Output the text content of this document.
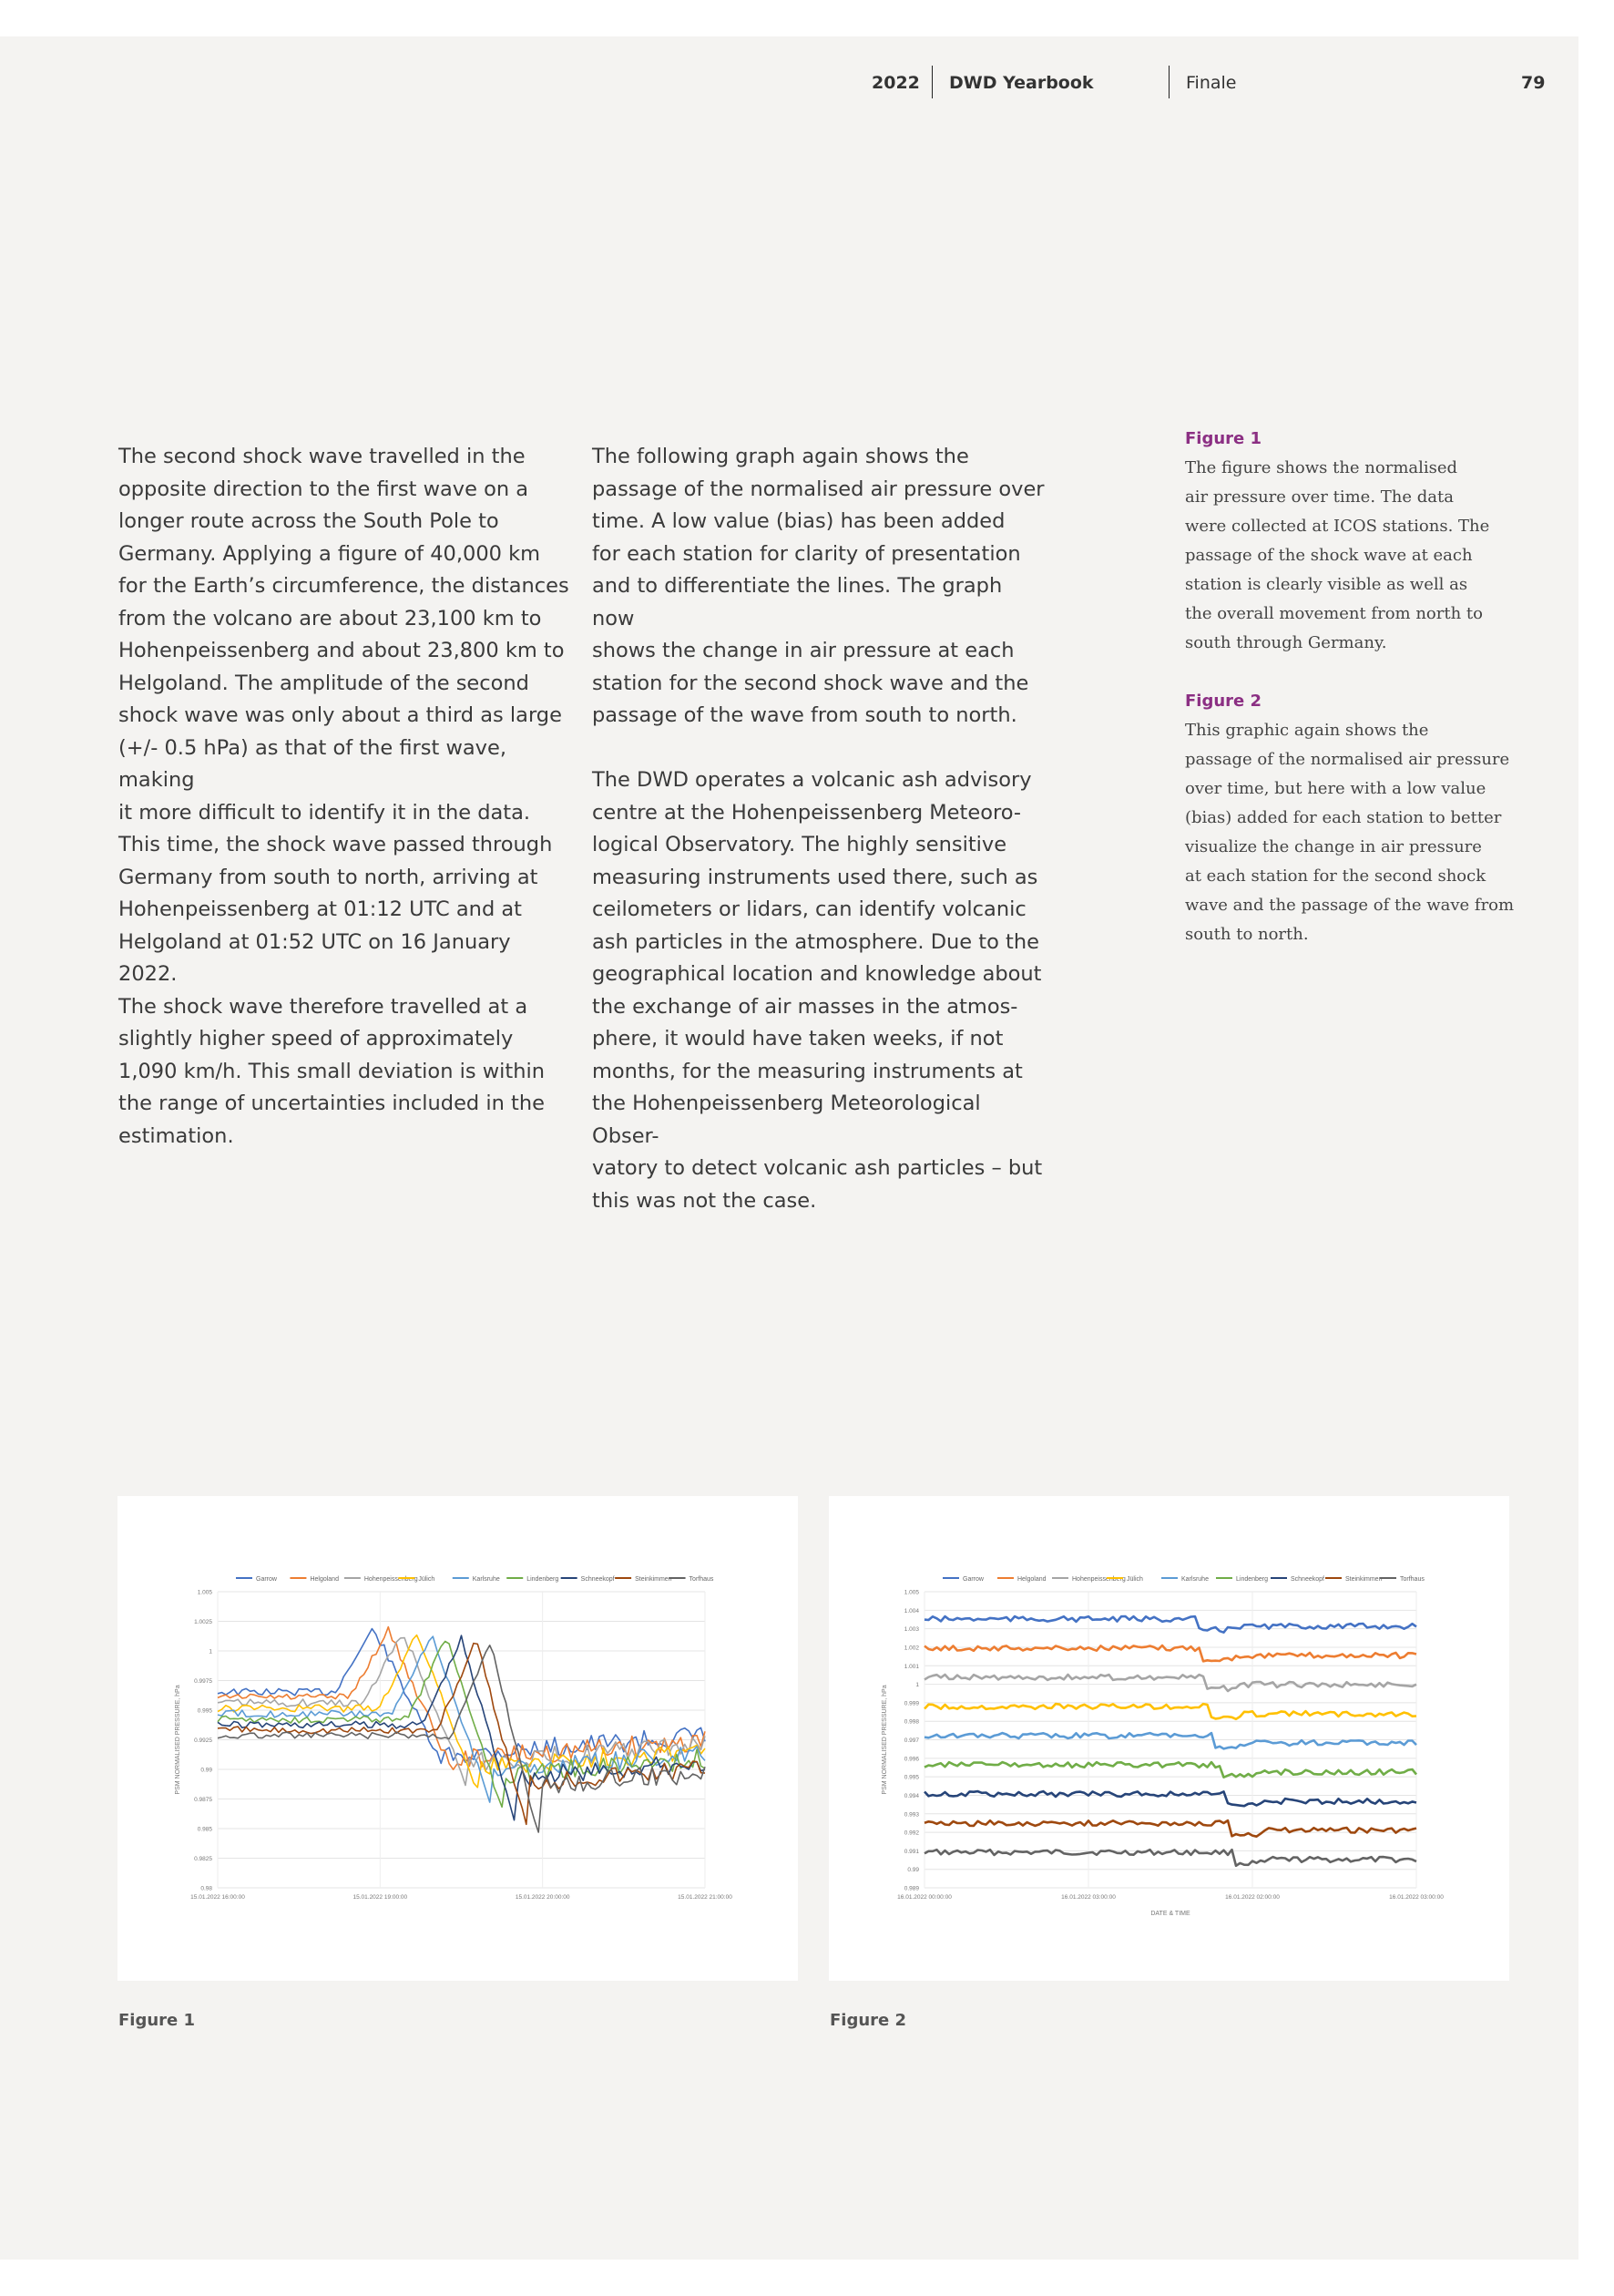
2022 DWD Yearbook	Finale	79

The second shock wave travelled in the
opposite direction to the first wave on a
longer route across the South Pole to
Germany. Applying a figure of 40,000 km
for the Earth’s circumference, the distances
from the volcano are about 23,100 km to
Hohenpeissenberg and about 23,800 km to
Helgoland. The amplitude of the second
shock wave was only about a third as large
(+/- 0.5 hPa) as that of the first wave, making
it more difficult to identify it in the data.
This time, the shock wave passed through
Germany from south to north, arriving at
Hohenpeissenberg at 01:12 UTC and at
Helgoland at 01:52 UTC on 16 January 2022.
The shock wave therefore travelled at a
slightly higher speed of approximately
1,090 km/h. This small deviation is within
the range of uncertainties included in the
estimation.

The following graph again shows the
passage of the normalised air pressure over
time. A low value (bias) has been added
for each station for clarity of presentation
and to differentiate the lines. The graph now
shows the change in air pressure at each
station for the second shock wave and the
passage of the wave from south to north.

The DWD operates a volcanic ash advisory
centre at the Hohenpeissenberg Meteoro-
logical Observatory. The highly sensitive
measuring instruments used there, such as
ceilometers or lidars, can identify volcanic
ash particles in the atmosphere. Due to the
geographical location and knowledge about
the exchange of air masses in the atmos-
phere, it would have taken weeks, if not
months, for the measuring instruments at
the Hohenpeissenberg Meteorological Obser-
vatory to detect volcanic ash particles – but
this was not the case.

Figure 1
The figure shows the normalised
air pressure over time. The data
were collected at ICOS stations. The
passage of the shock wave at each
station is clearly visible as well as
the overall movement from north to
south through Germany.
Figure 2
This graphic again shows the
passage of the normalised air pressure
over time, but here with a low value
(bias) added for each station to better
visualize the change in air pressure
at each station for the second shock
wave and the passage of the wave from
south to north.
Garrow	Helgoland	Hohenpeissenberg Jülich	Karlsruhe	Lindenberg	Schneekopf	Steinkimmen	Torfhaus
1.005
1.0025
1
0.9975
0.995
0.9925
0.99
0.9875
0.985
0.9825
0.98
15.01.2022 16:00:00	15.01.2022 19:00:00	15.01.2022 20:00:00	15.01.2022 21:00:00
PSM NORMALISED PRESSURE, hPa
Garrow	Helgoland	Hohenpeissenberg Jülich	Karlsruhe	Lindenberg	Schneekopf	Steinkimmen	Torfhaus
1.005
1.004
1.003
1.002
1.001
1
0.999
0.998
0.997
0.996
0.995
0.994
0.993
0.992
0.991
0.99
0.989
16.01.2022 00:00:00	16.01.2022 03:00:00	16.01.2022 02:00:00	16.01.2022 03:00:00
PSM NORMALISED PRESSURE, hPa
DATE & TIME
Figure 1	Figure 2
